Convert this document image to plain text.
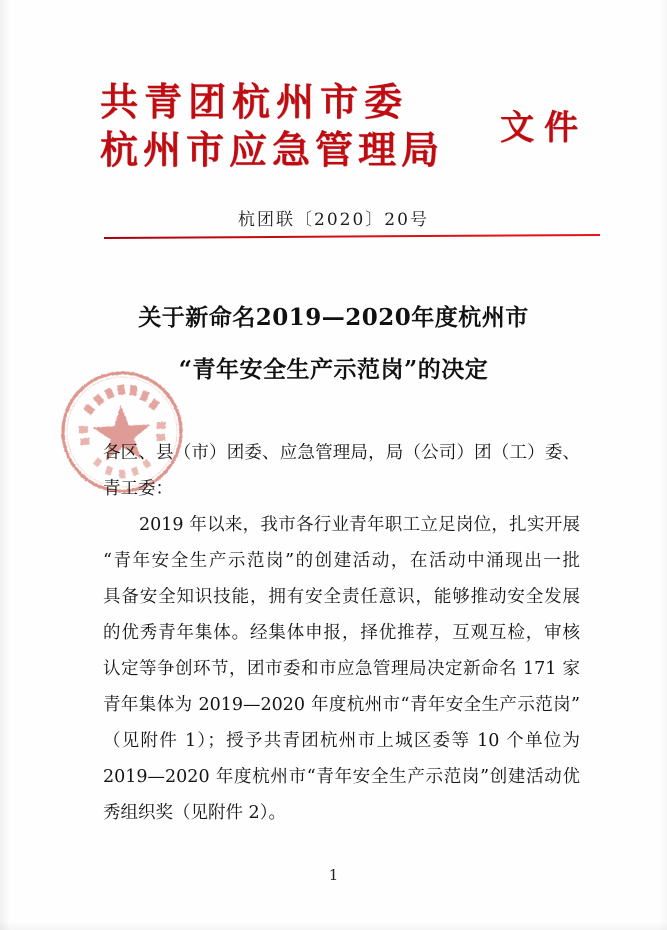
共青团杭州市委
杭州市应急管理局	文件
杭团联〔2020〕20号
关于新命名2019—2020年度杭州市
“青年安全生产示范岗”的决定
各区、县（市）团委、应急管理局，局（公司）团（工）委、
青工委：
2019 年以来，我市各行业青年职工立足岗位，扎实开展
“青年安全生产示范岗”的创建活动，在活动中涌现出一批
具备安全知识技能，拥有安全责任意识，能够推动安全发展
的优秀青年集体。经集体申报，择优推荐，互观互检，审核
认定等争创环节，团市委和市应急管理局决定新命名 171 家
青年集体为 2019—2020 年度杭州市“青年安全生产示范岗”
（见附件 1）；授予共青团杭州市上城区委等 10 个单位为
2019—2020 年度杭州市“青年安全生产示范岗”创建活动优
秀组织奖（见附件 2）。
1
